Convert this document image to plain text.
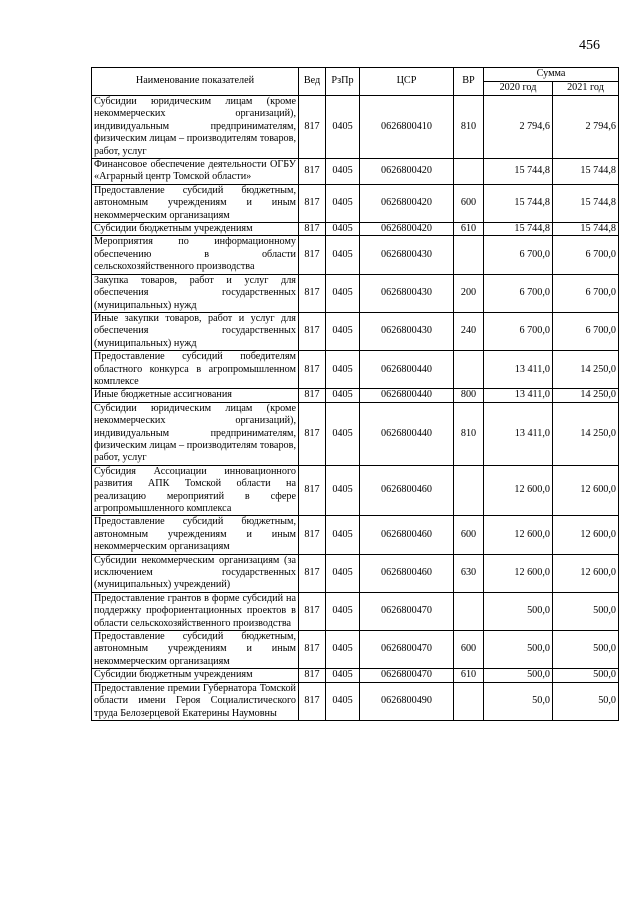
456
Наименование показателей	Вед	РзПр	ЦСР	ВР	Сумма	
					2020 год	2021 год
Субсидии юридическим лицам (кроме некоммерческих организаций), индивидуальным предпринимателям, физическим лицам – производителям товаров, работ, услуг	817	0405	0626800410	810	2 794,6	2 794,6
Финансовое обеспечение деятельности ОГБУ «Аграрный центр Томской области»	817	0405	0626800420		15 744,8	15 744,8
Предоставление субсидий бюджетным, автономным учреждениям и иным некоммерческим организациям	817	0405	0626800420	600	15 744,8	15 744,8
Субсидии бюджетным учреждениям	817	0405	0626800420	610	15 744,8	15 744,8
Мероприятия по информационному обеспечению в области сельскохозяйственного производства	817	0405	0626800430		6 700,0	6 700,0
Закупка товаров, работ и услуг для обеспечения государственных (муниципальных) нужд	817	0405	0626800430	200	6 700,0	6 700,0
Иные закупки товаров, работ и услуг для обеспечения государственных (муниципальных) нужд	817	0405	0626800430	240	6 700,0	6 700,0
Предоставление субсидий победителям областного конкурса в агропромышленном комплексе	817	0405	0626800440		13 411,0	14 250,0
Иные бюджетные ассигнования	817	0405	0626800440	800	13 411,0	14 250,0
Субсидии юридическим лицам (кроме некоммерческих организаций), индивидуальным предпринимателям, физическим лицам – производителям товаров, работ, услуг	817	0405	0626800440	810	13 411,0	14 250,0
Субсидия Ассоциации инновационного развития АПК Томской области на реализацию мероприятий в сфере агропромышленного комплекса	817	0405	0626800460		12 600,0	12 600,0
Предоставление субсидий бюджетным, автономным учреждениям и иным некоммерческим организациям	817	0405	0626800460	600	12 600,0	12 600,0
Субсидии некоммерческим организациям (за исключением государственных (муниципальных) учреждений)	817	0405	0626800460	630	12 600,0	12 600,0
Предоставление грантов в форме субсидий на поддержку профориентационных проектов в области сельскохозяйственного производства	817	0405	0626800470		500,0	500,0
Предоставление субсидий бюджетным, автономным учреждениям и иным некоммерческим организациям	817	0405	0626800470	600	500,0	500,0
Субсидии бюджетным учреждениям	817	0405	0626800470	610	500,0	500,0
Предоставление премии Губернатора Томской области имени Героя Социалистического труда Белозерцевой Екатерины Наумовны	817	0405	0626800490		50,0	50,0
